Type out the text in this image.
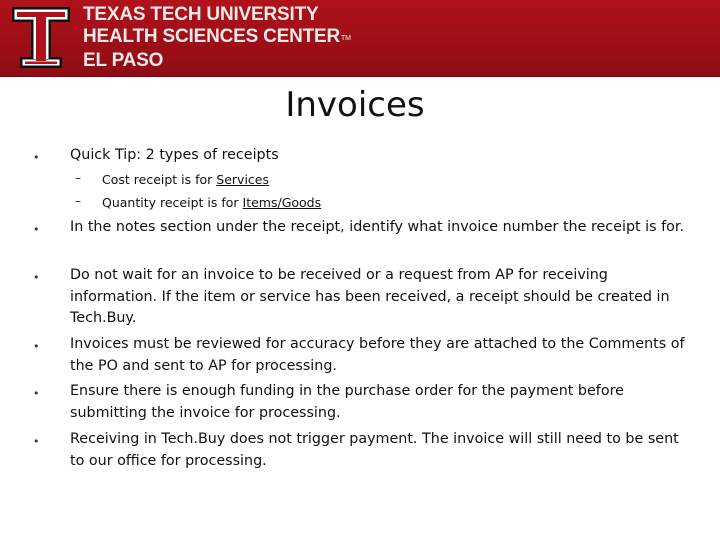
TEXAS TECH UNIVERSITY
HEALTH SCIENCES CENTERTM
EL PASO
Invoices
• Quick Tip: 2 types of receipts
– Cost receipt is for Services
– Quantity receipt is for Items/Goods
• In the notes section under the receipt, identify what invoice number the receipt is for.
• Do not wait for an invoice to be received or a request from AP for receiving information. If the item or service has been received, a receipt should be created in Tech.Buy.
• Invoices must be reviewed for accuracy before they are attached to the Comments of the PO and sent to AP for processing.
• Ensure there is enough funding in the purchase order for the payment before submitting the invoice for processing.
• Receiving in Tech.Buy does not trigger payment. The invoice will still need to be sent to our office for processing.
